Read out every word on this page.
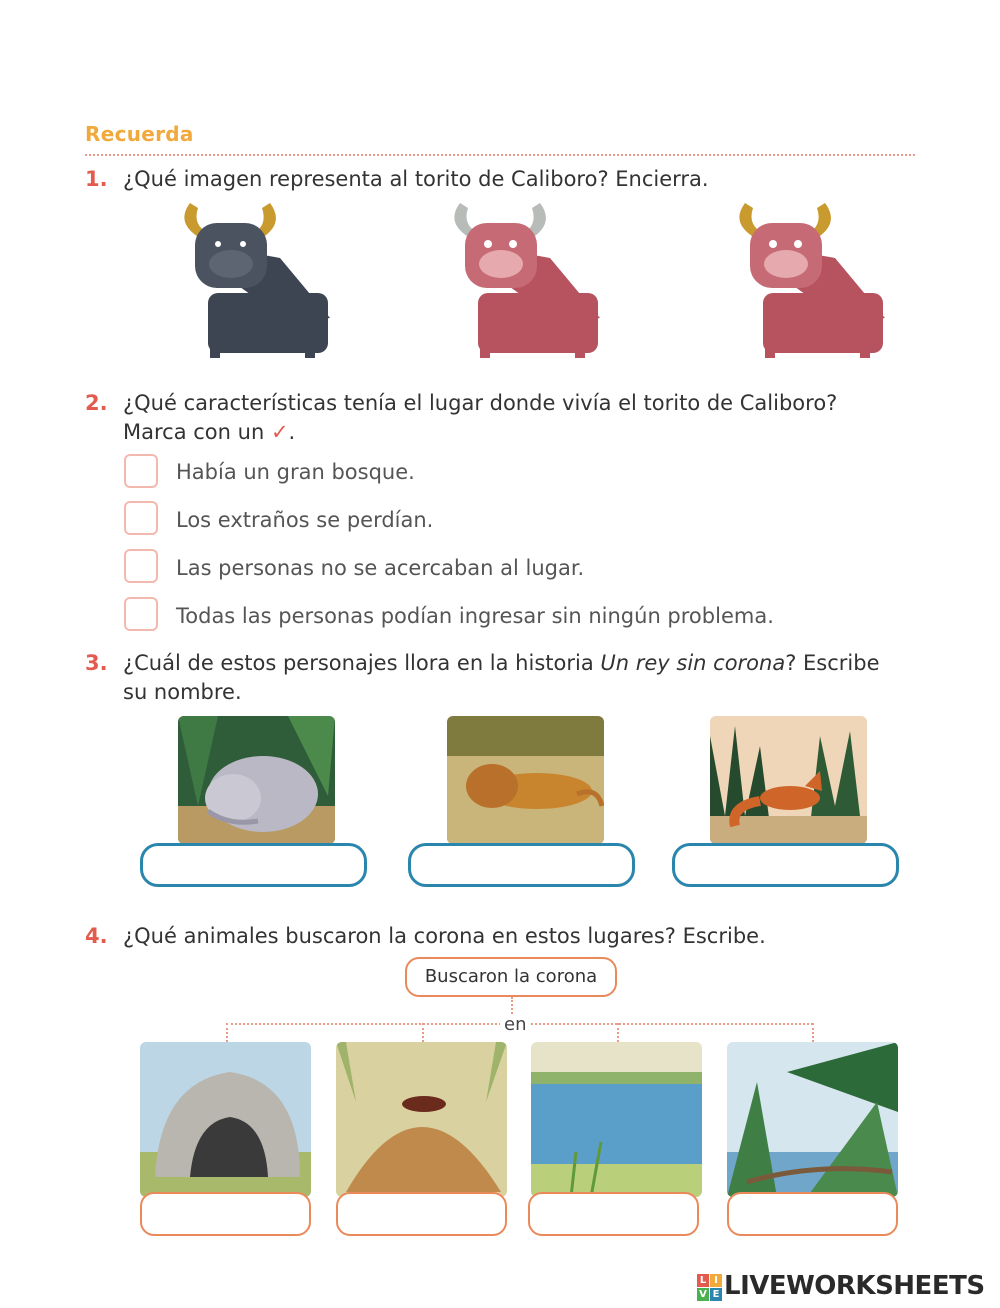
Recuerda
1. ¿Qué imagen representa al torito de Caliboro? Encierra.
2. ¿Qué características tenía el lugar donde vivía el torito de Caliboro?
Marca con un ✓.
Había un gran bosque.
Los extraños se perdían.
Las personas no se acercaban al lugar.
Todas las personas podían ingresar sin ningún problema.
3. ¿Cuál de estos personajes llora en la historia Un rey sin corona? Escribe
su nombre.
4. ¿Qué animales buscaron la corona en estos lugares? Escribe.
Buscaron la corona
en
L I
V E LIVEWORKSHEETS
